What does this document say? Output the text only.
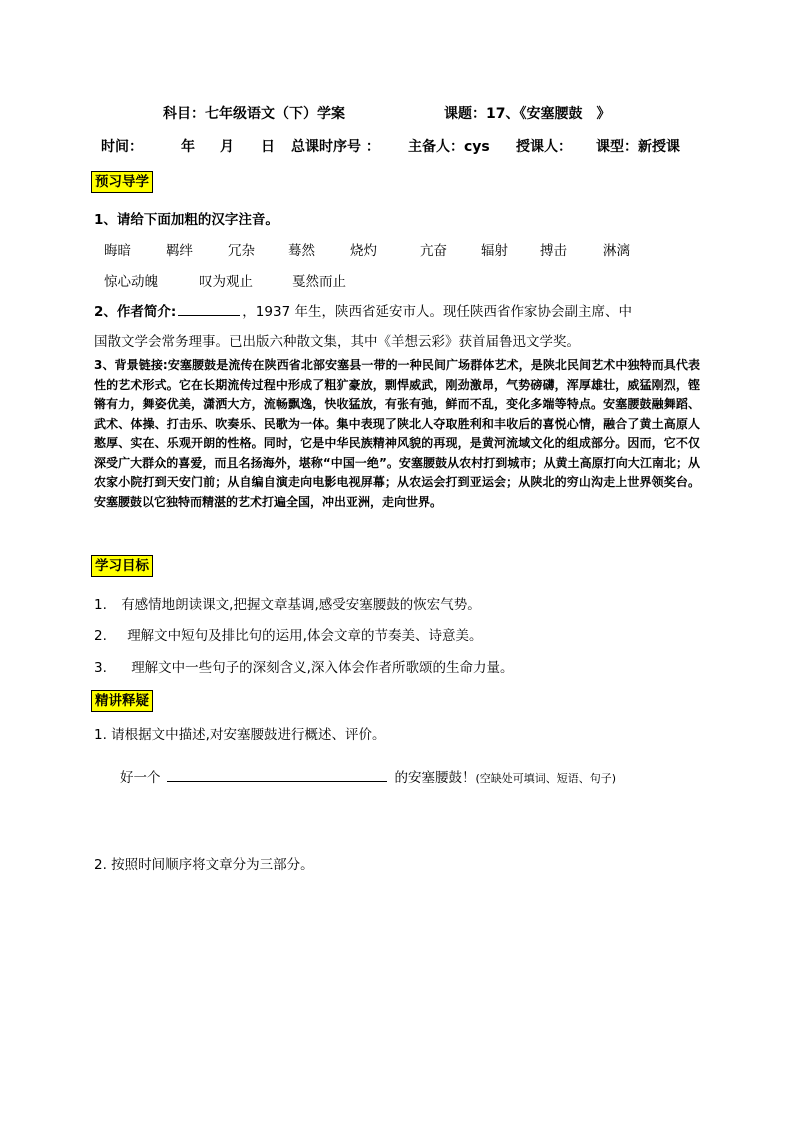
科目：七年级语文（下）学案	课题：17、《安塞腰鼓　》
时间：	年 月 日 总课时序号 ： 主备人：cys 授课人： 课型：新授课
预习导学
1、请给下面加粗的汉字注音。
晦暗	羁绊	冗杂 蓦然	烧灼	亢奋	辐射 搏击	淋漓
惊心动魄	叹为观止	戛然而止
2、作者简介:	，1937 年生，陕西省延安市人。现任陕西省作家协会副主席、中
国散文学会常务理事。已出版六种散文集，其中《羊想云彩》获首届鲁迅文学奖。
3、背景链接:安塞腰鼓是流传在陕西省北部安塞县一带的一种民间广场群体艺术，是陕北民间艺术中独特而具代表性的艺术形式。它在长期流传过程中形成了粗犷豪放，剽悍威武，刚劲激昂，气势磅礴，浑厚雄壮，威猛刚烈，铿锵有力，舞姿优美，潇洒大方，流畅飘逸，快收猛放，有张有弛，鲜而不乱，变化多端等特点。安塞腰鼓融舞蹈、武术、体操、打击乐、吹奏乐、民歌为一体。集中表现了陕北人夺取胜利和丰收后的喜悦心情，融合了黄土高原人憨厚、实在、乐观开朗的性格。同时，它是中华民族精神风貌的再现，是黄河流域文化的组成部分。因而，它不仅深受广大群众的喜爱，而且名扬海外，堪称“中国一绝”。安塞腰鼓从农村打到城市；从黄土高原打向大江南北；从农家小院打到天安门前；从自编自演走向电影电视屏幕；从农运会打到亚运会；从陕北的穷山沟走上世界领奖台。安塞腰鼓以它独特而精湛的艺术打遍全国，冲出亚洲，走向世界。
学习目标
1. 有感情地朗读课文,把握文章基调,感受安塞腰鼓的恢宏气势。
2. 理解文中短句及排比句的运用,体会文章的节奏美、诗意美。
3. 理解文中一些句子的深刻含义,深入体会作者所歌颂的生命力量。
精讲释疑
1. 请根据文中描述,对安塞腰鼓进行概述、评价。
好一个	的安塞腰鼓！(空缺处可填词、短语、句子)
2. 按照时间顺序将文章分为三部分。
